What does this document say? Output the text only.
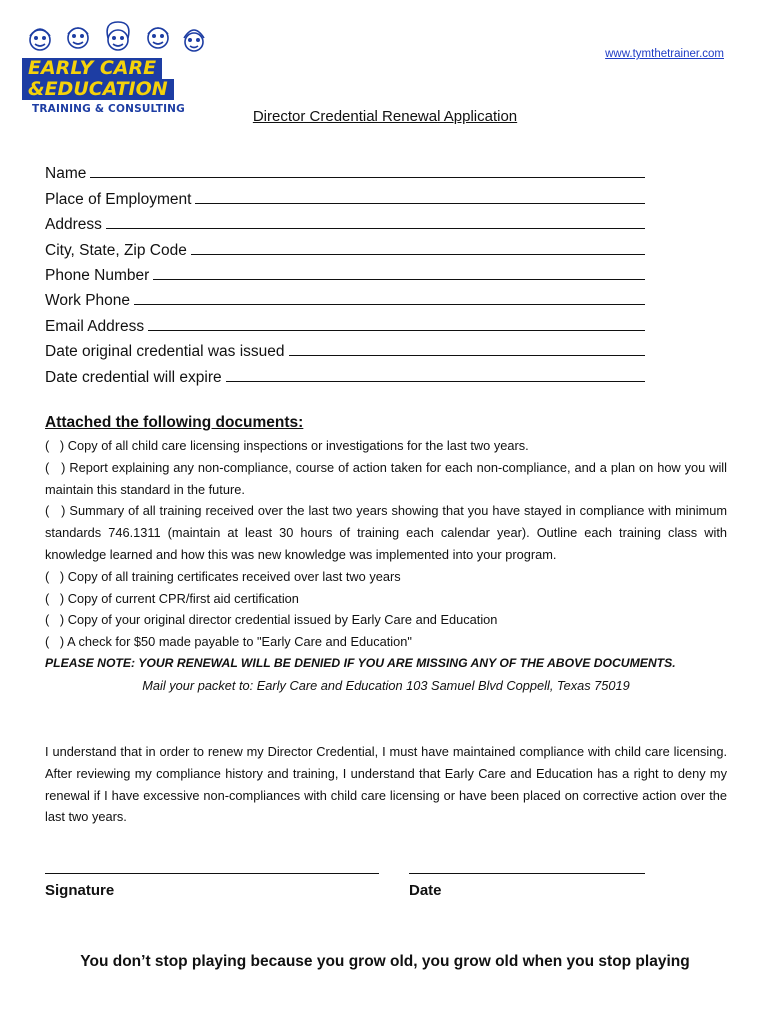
EARLY CARE
&EDUCATION
TRAINING & CONSULTING
www.tymthetrainer.com
Director Credential Renewal Application
Name
Place of Employment
Address
City, State, Zip Code
Phone Number
Work Phone
Email Address
Date original credential was issued
Date credential will expire
Attached the following documents:
(   ) Copy of all child care licensing inspections or investigations for the last two years.
(   ) Report explaining any non-compliance, course of action taken for each non-compliance, and a plan on how you will maintain this standard in the future.
(   ) Summary of all training received over the last two years showing that you have stayed in compliance with minimum standards 746.1311 (maintain at least 30 hours of training each calendar year). Outline each training class with knowledge learned and how this was new knowledge was implemented into your program.
(   ) Copy of all training certificates received over last two years
(   ) Copy of current CPR/first aid certification
(   ) Copy of your original director credential issued by Early Care and Education
(   ) A check for $50 made payable to "Early Care and Education"
PLEASE NOTE: YOUR RENEWAL WILL BE DENIED IF YOU ARE MISSING ANY OF THE ABOVE DOCUMENTS.
Mail your packet to: Early Care and Education 103 Samuel Blvd Coppell, Texas 75019
I understand that in order to renew my Director Credential, I must have maintained compliance with child care licensing. After reviewing my compliance history and training, I understand that Early Care and Education has a right to deny my renewal if I have excessive non-compliances with child care licensing or have been placed on corrective action over the last two years.
Signature	Date
You don’t stop playing because you grow old, you grow old when you stop playing
